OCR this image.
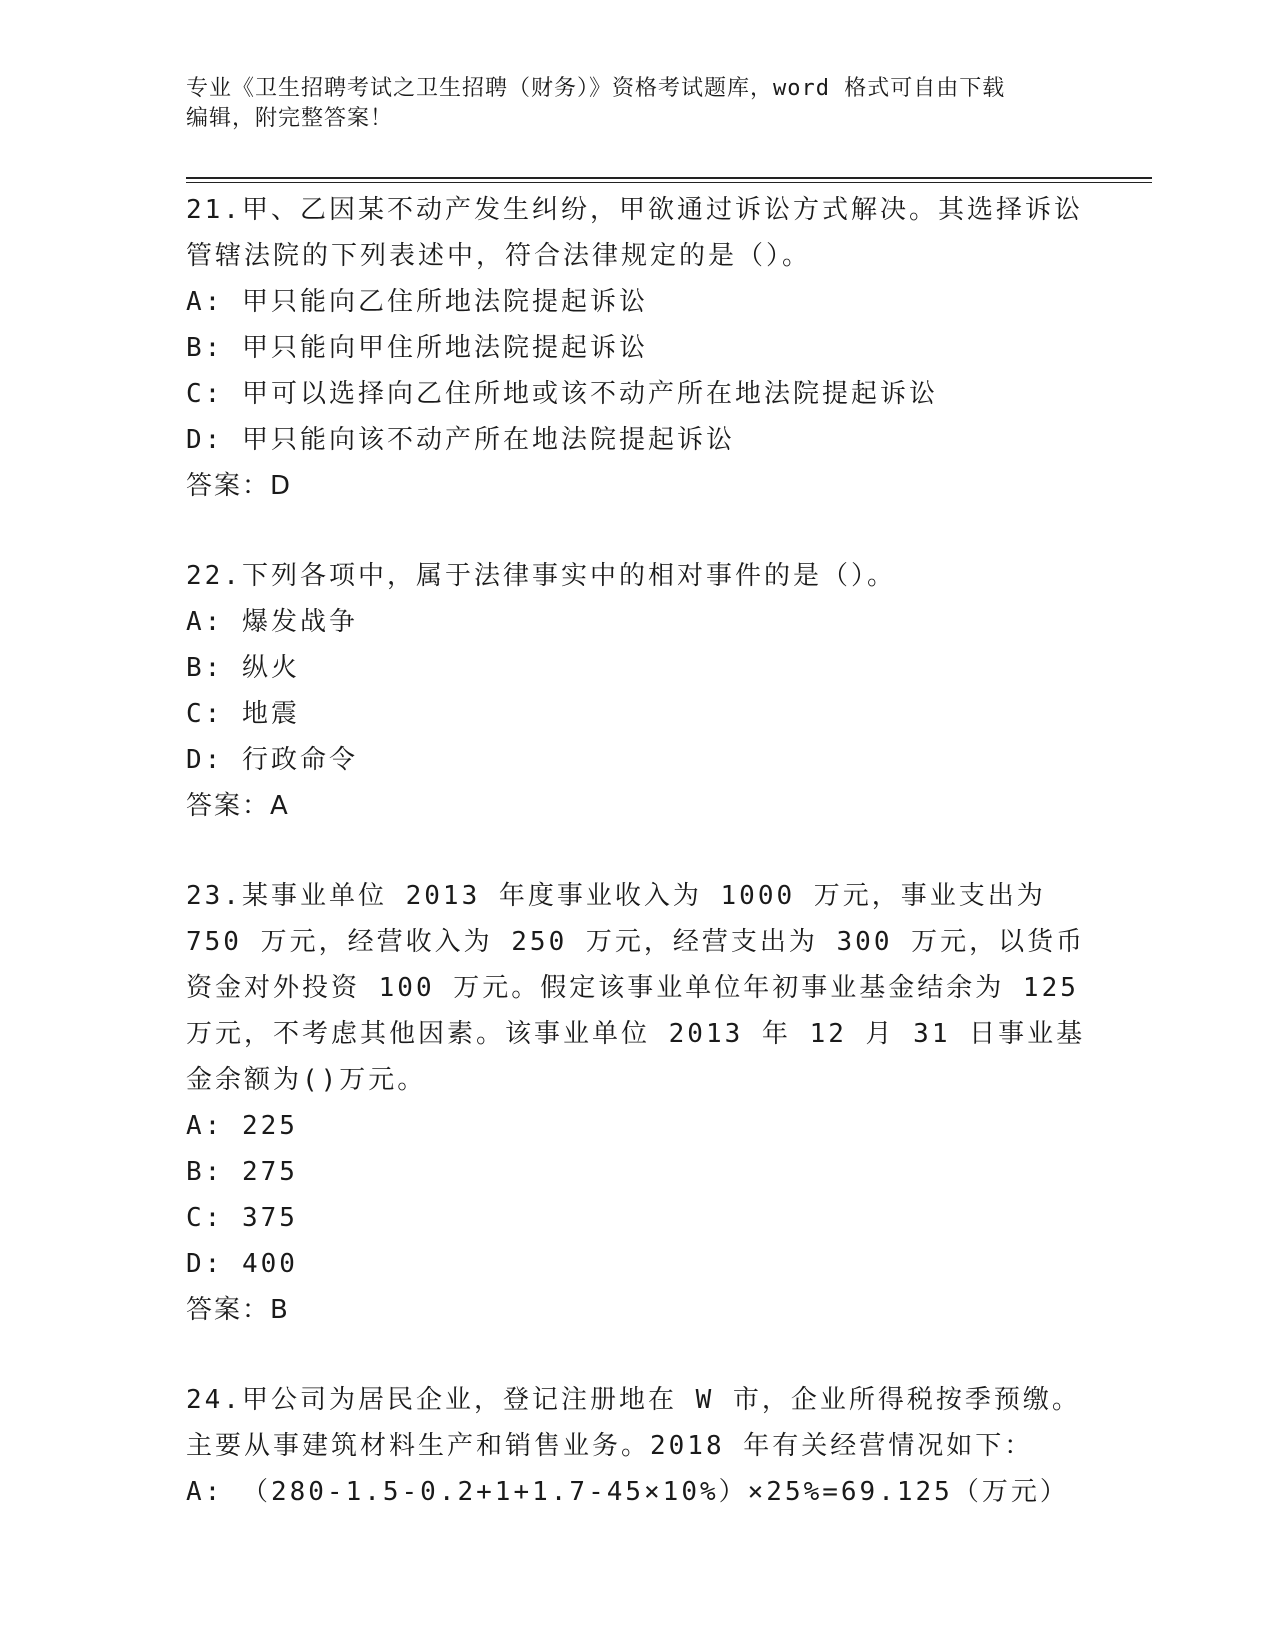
专业《卫生招聘考试之卫生招聘（财务）》资格考试题库，word 格式可自由下载
编辑，附完整答案！
21.甲、乙因某不动产发生纠纷，甲欲通过诉讼方式解决。其选择诉讼管辖法院的下列表述中，符合法律规定的是（）。
A: 甲只能向乙住所地法院提起诉讼
B: 甲只能向甲住所地法院提起诉讼
C: 甲可以选择向乙住所地或该不动产所在地法院提起诉讼
D: 甲只能向该不动产所在地法院提起诉讼
答案：D
22.下列各项中，属于法律事实中的相对事件的是（）。
A: 爆发战争
B: 纵火
C: 地震
D: 行政命令
答案：A
23.某事业单位 2013 年度事业收入为 1000 万元，事业支出为 750 万元，经营收入为 250 万元，经营支出为 300 万元，以货币资金对外投资 100 万元。假定该事业单位年初事业基金结余为 125 万元，不考虑其他因素。该事业单位 2013 年 12 月 31 日事业基金余额为()万元。
A: 225
B: 275
C: 375
D: 400
答案：B
24.甲公司为居民企业，登记注册地在 W 市，企业所得税按季预缴。主要从事建筑材料生产和销售业务。2018 年有关经营情况如下：
A: （280-1.5-0.2+1+1.7-45×10%）×25%=69.125（万元）
